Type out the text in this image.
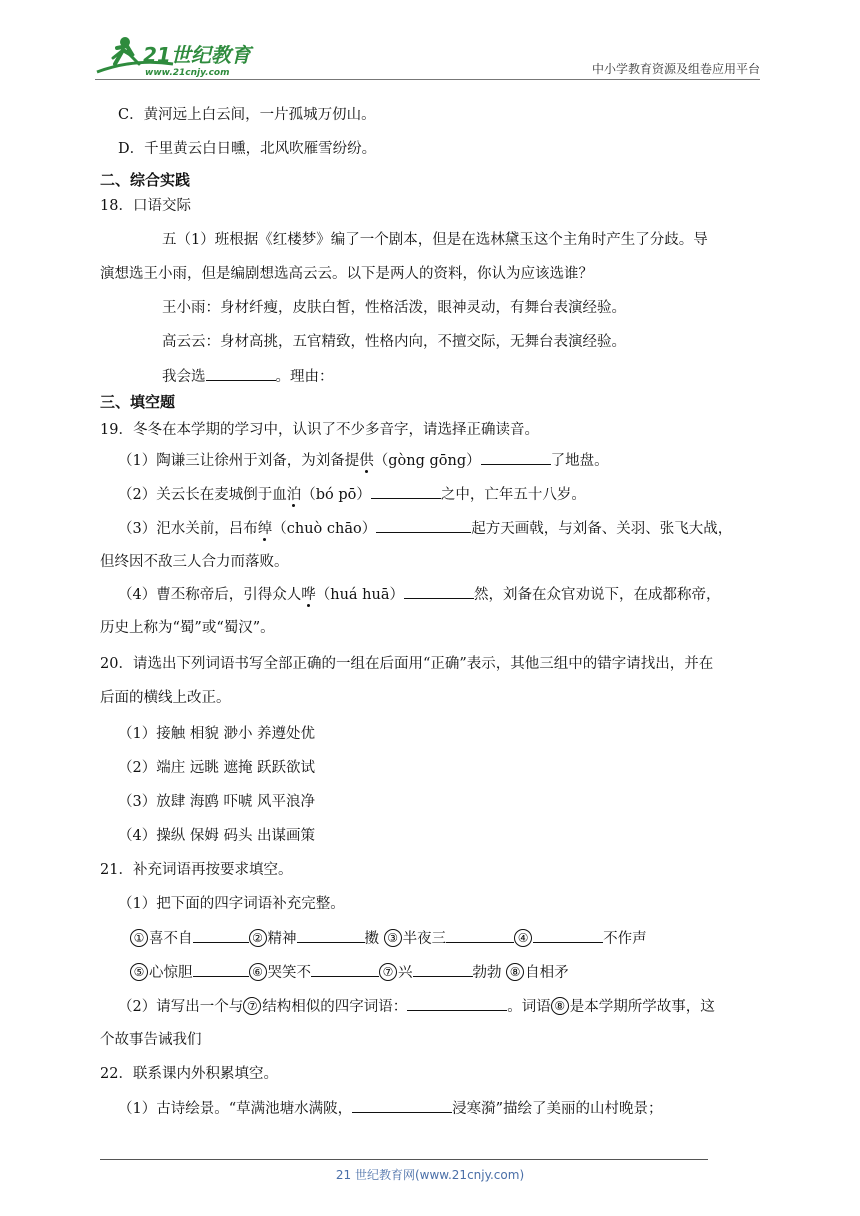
21世纪教育
www.21cnjy.com	中小学教育资源及组卷应用平台
C．黄河远上白云间，一片孤城万仞山。
D．千里黄云白日曛，北风吹雁雪纷纷。
二、综合实践
18．口语交际
五（1）班根据《红楼梦》编了一个剧本，但是在选林黛玉这个主角时产生了分歧。导
演想选王小雨，但是编剧想选高云云。以下是两人的资料，你认为应该选谁？
王小雨：身材纤瘦，皮肤白皙，性格活泼，眼神灵动，有舞台表演经验。
高云云：身材高挑，五官精致，性格内向，不擅交际，无舞台表演经验。
我会选	。理由：
三、填空题
19．冬冬在本学期的学习中，认识了不少多音字，请选择正确读音。
（1）陶谦三让徐州于刘备，为刘备提供（gòng gōng）	了地盘。
（2）关云长在麦城倒于血泊（bó pō）	之中，亡年五十八岁。
（3）汜水关前，吕布绰（chuò chāo）	起方天画戟，与刘备、关羽、张飞大战，
但终因不敌三人合力而落败。
（4）曹丕称帝后，引得众人哗（huá huā）	然，刘备在众官劝说下，在成都称帝，
历史上称为“蜀”或“蜀汉”。
20．请选出下列词语书写全部正确的一组在后面用“正确”表示，其他三组中的错字请找出，并在
后面的横线上改正。
（1）接触 相貌 渺小 养遵处优
（2）端庄 远眺 遮掩 跃跃欲试
（3）放肆 海鸥 吓唬 风平浪净
（4）操纵 保姆 码头 出谋画策
21．补充词语再按要求填空。
（1）把下面的四字词语补充完整。
① 喜不自	② 精神	擞 ③ 半夜三	④	不作声
⑤ 心惊胆	⑥ 哭笑不	⑦ 兴	勃勃 ⑧ 自相矛
（2）请写出一个与 ⑦ 结构相似的四字词语：	。词语 ⑧ 是本学期所学故事，这
个故事告诫我们
22．联系课内外积累填空。
（1）古诗绘景。“草满池塘水满陂，	浸寒漪”描绘了美丽的山村晚景；
21 世纪教育网(www.21cnjy.com)
